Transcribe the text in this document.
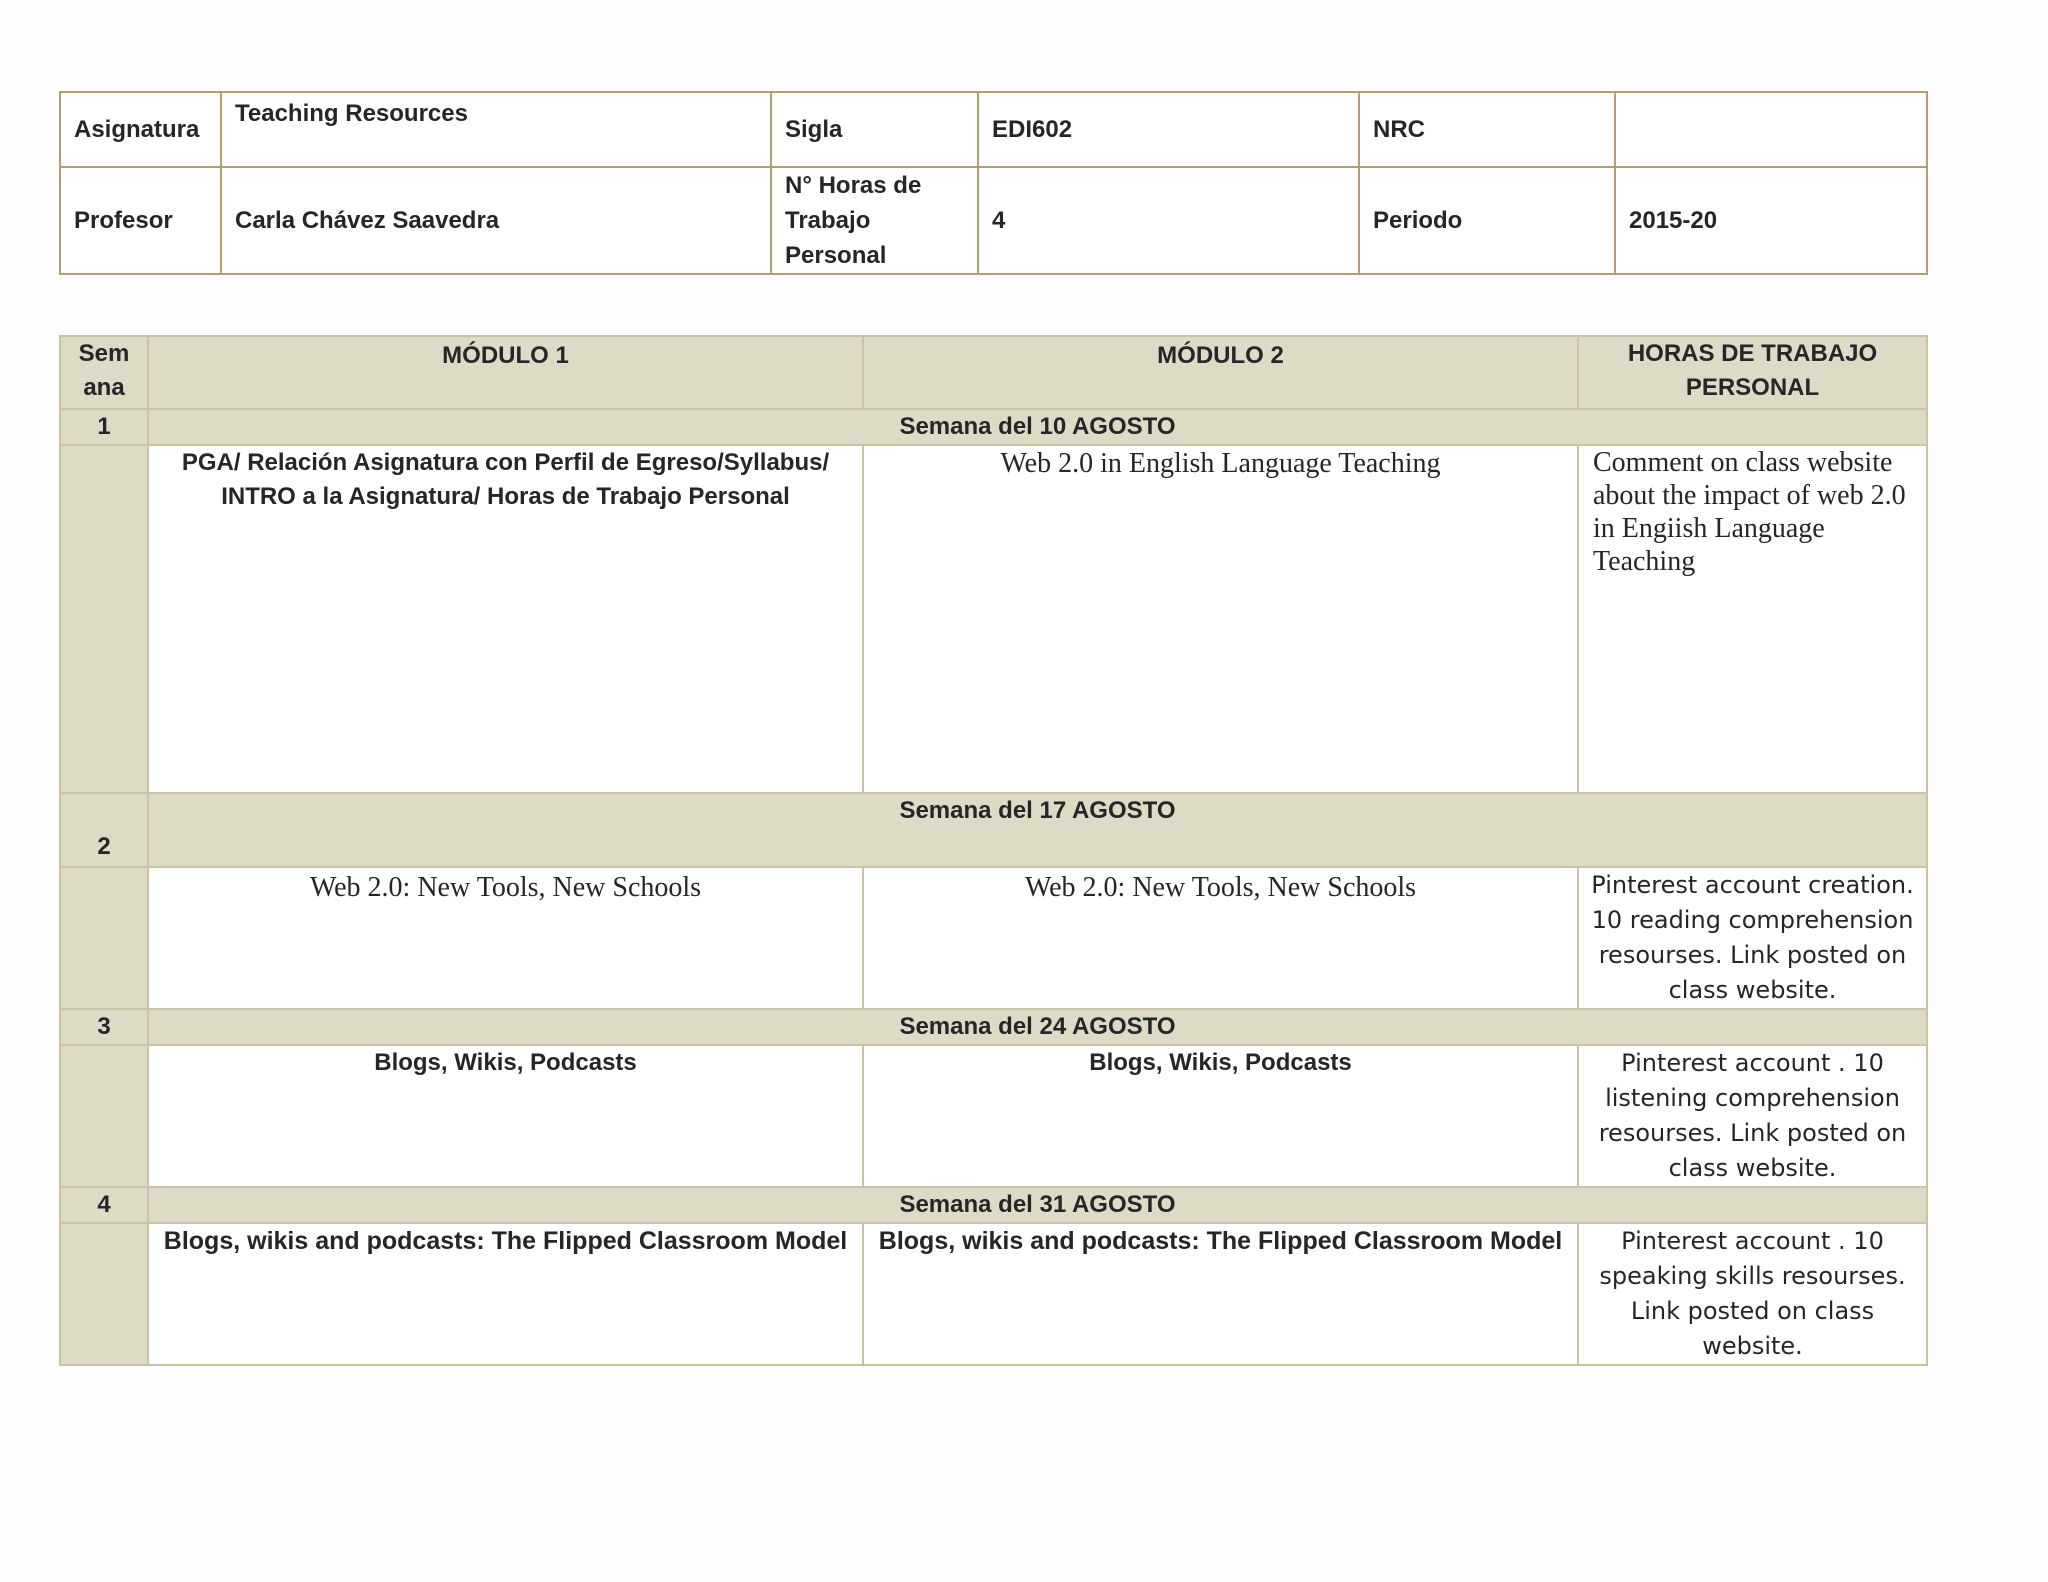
Asignatura	Teaching Resources	Sigla	EDI602	NRC	
Profesor	Carla Chávez Saavedra	N° Horas de Trabajo Personal	4	Periodo	2015-20
Sem ana	MÓDULO 1	MÓDULO 2	HORAS DE TRABAJO PERSONAL
1	Semana del 10 AGOSTO		
	PGA/ Relación Asignatura con Perfil de Egreso/Syllabus/ INTRO a la Asignatura/ Horas de Trabajo Personal	Web 2.0 in English Language Teaching	Comment on class website about the impact of web 2.0 in Engiish Language Teaching
2	Semana del 17 AGOSTO		
	Web 2.0: New Tools, New Schools	Web 2.0: New Tools, New Schools	Pinterest account creation. 10 reading comprehension resourses. Link posted on class website.
3	Semana del 24 AGOSTO		
	Blogs, Wikis, Podcasts	Blogs, Wikis, Podcasts	Pinterest account . 10 listening comprehension resourses. Link posted on class website.
4	Semana del 31 AGOSTO		
	Blogs, wikis and podcasts: The Flipped Classroom Model	Blogs, wikis and podcasts: The Flipped Classroom Model	Pinterest account . 10 speaking skills resourses. Link posted on class website.
